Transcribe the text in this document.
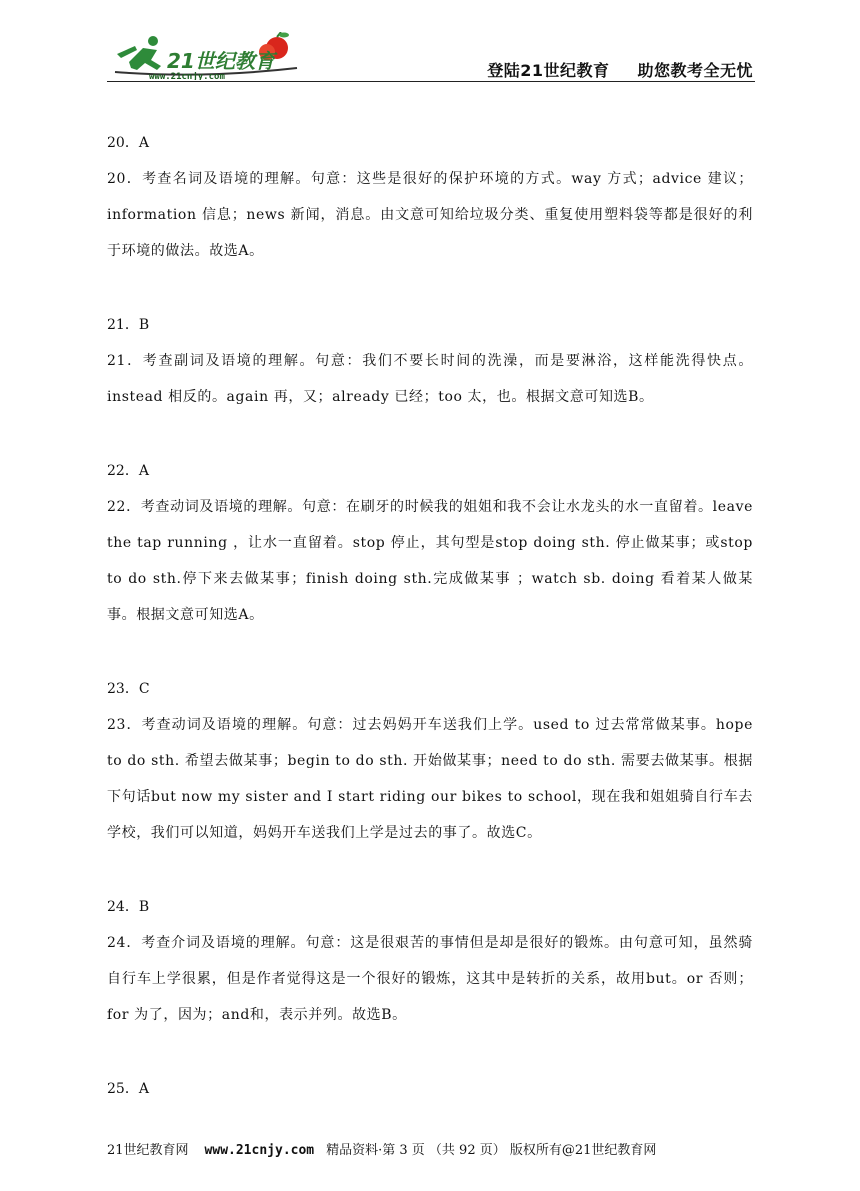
21世纪教育
www.21cnjy.com	登陆21世纪教育 助您教考全无忧

20．A

20．考查名词及语境的理解。句意：这些是很好的保护环境的方式。way 方式；advice 建议；information 信息；news 新闻，消息。由文意可知给垃圾分类、重复使用塑料袋等都是很好的利于环境的做法。故选A。

21．B

21．考查副词及语境的理解。句意：我们不要长时间的洗澡，而是要淋浴，这样能洗得快点。instead 相反的。again 再，又；already 已经；too 太，也。根据文意可知选B。

22．A

22．考查动词及语境的理解。句意：在刷牙的时候我的姐姐和我不会让水龙头的水一直留着。leave the tap running ，让水一直留着。stop 停止，其句型是stop doing sth. 停止做某事；或stop to do sth.停下来去做某事；finish doing sth.完成做某事 ；watch sb. doing 看着某人做某事。根据文意可知选A。

23．C

23．考查动词及语境的理解。句意：过去妈妈开车送我们上学。used to 过去常常做某事。hope to do sth. 希望去做某事；begin to do sth. 开始做某事；need to do sth. 需要去做某事。根据下句话but now my sister and I start riding our bikes to school，现在我和姐姐骑自行车去学校，我们可以知道，妈妈开车送我们上学是过去的事了。故选C。

24．B

24．考查介词及语境的理解。句意：这是很艰苦的事情但是却是很好的锻炼。由句意可知，虽然骑自行车上学很累，但是作者觉得这是一个很好的锻炼，这其中是转折的关系，故用but。or 否则；for 为了，因为；and和，表示并列。故选B。

25．A

21世纪教育网 www.21cnjy.com 精品资料·第 3 页 （共 92 页） 版权所有@21世纪教育网
